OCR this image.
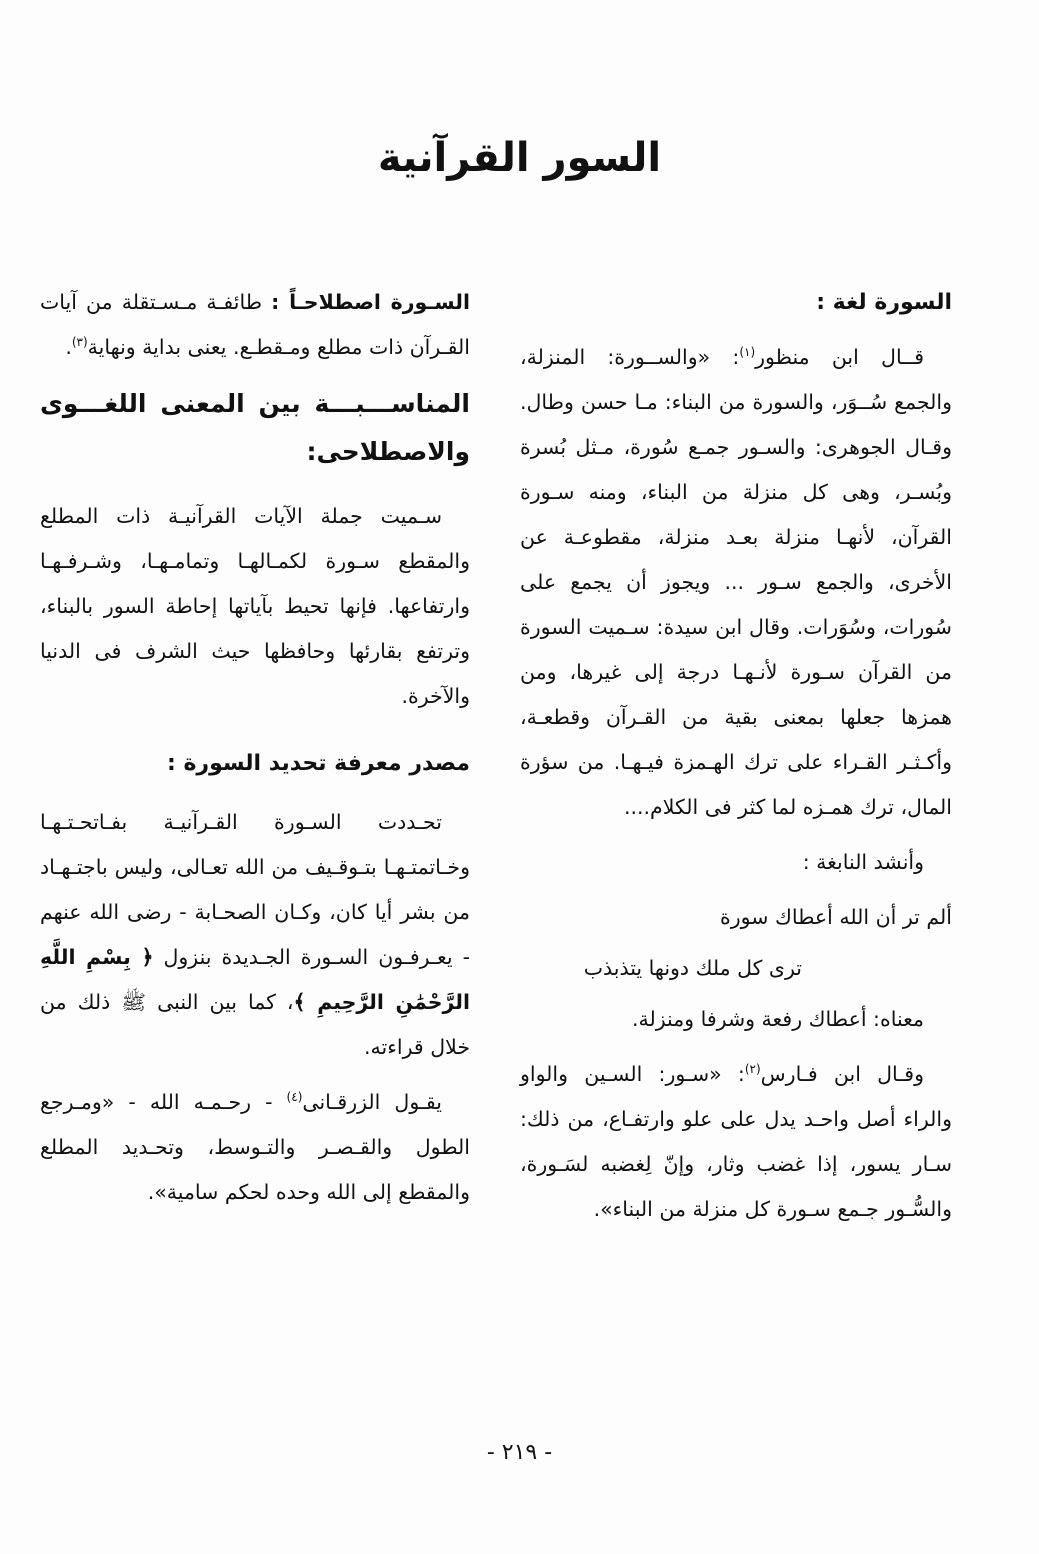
السور القرآنية

السورة لغة :

قــال ابن منظور$^{(١)}$: «والســورة: المنزلة، والجمع سُــوَر، والسورة من البناء: مـا حسن وطال. وقـال الجوهرى: والسـور جمـع سُورة، مـثل بُسرة وبُسـر، وهى كل منزلة من البناء، ومنه سـورة القرآن، لأنهـا منزلة بعـد منزلة، مقطوعـة عن الأخرى، والجمع سـور ... ويجوز أن يجمع على سُورات، وسُوَرات. وقال ابن سيدة: سـميت السورة من القرآن سـورة لأنـهـا درجة إلى غيرها، ومن همزها جعلها بمعنى بقية من القـرآن وقطعـة، وأكـثـر القـراء على ترك الهـمزة فيـهـا. من سؤرة المال، ترك همـزه لما كثر فى الكلام....

وأنشد النابغة :

ألم تر أن الله أعطاك سورة

ترى كل ملك دونها يتذبذب

معناه: أعطاك رفعة وشرفا ومنزلة.

وقـال ابن فـارس$^{(٢)}$: «سـور: السـين والواو والراء أصل واحـد يدل على علو وارتفـاع، من ذلك: سـار يسور، إذا غضب وثار، وإنّ لِغضبه لسَـورة، والسُّـور جـمع سـورة كل منزلة من البناء».

السـورة اصطلاحـاً : طائفـة مـسـتقلة من آيات القـرآن ذات مطلع ومـقطـع. يعنى بداية ونهاية$^{(٣)}$.

المناســـبـــة بين المعنى اللغـــوى والاصطلاحى:

سـميت جملة الآيات القرآنيـة ذات المطلع والمقطع سـورة لكمـالهـا وتمامـهـا، وشـرفـهـا وارتفاعها. فإنها تحيط بآياتها إحاطة السور بالبناء، وترتفع بقارئها وحافظها حيث الشرف فى الدنيا والآخرة.

مصدر معرفة تحديد السورة :

تحـددت السـورة القـرآنيـة بفـاتحـتـهـا وخـاتمتـهـا بتـوقـيف من الله تعـالى، وليس باجتـهـاد من بشر أيا كان، وكـان الصحـابة - رضى الله عنهم - يعـرفـون السـورة الجـديدة بنزول ﴿ بِسْمِ اللَّهِ الرَّحْمَٰنِ الرَّحِيمِ ﴾، كما بين النبى ﷺ ذلك من خلال قراءته.

يقـول الزرقـانى$^{(٤)}$ - رحـمـه الله - «ومـرجع الطول والقـصـر والتـوسط، وتحـديد المطلع والمقطع إلى الله وحده لحكم سامية».

- ٢١٩ -
